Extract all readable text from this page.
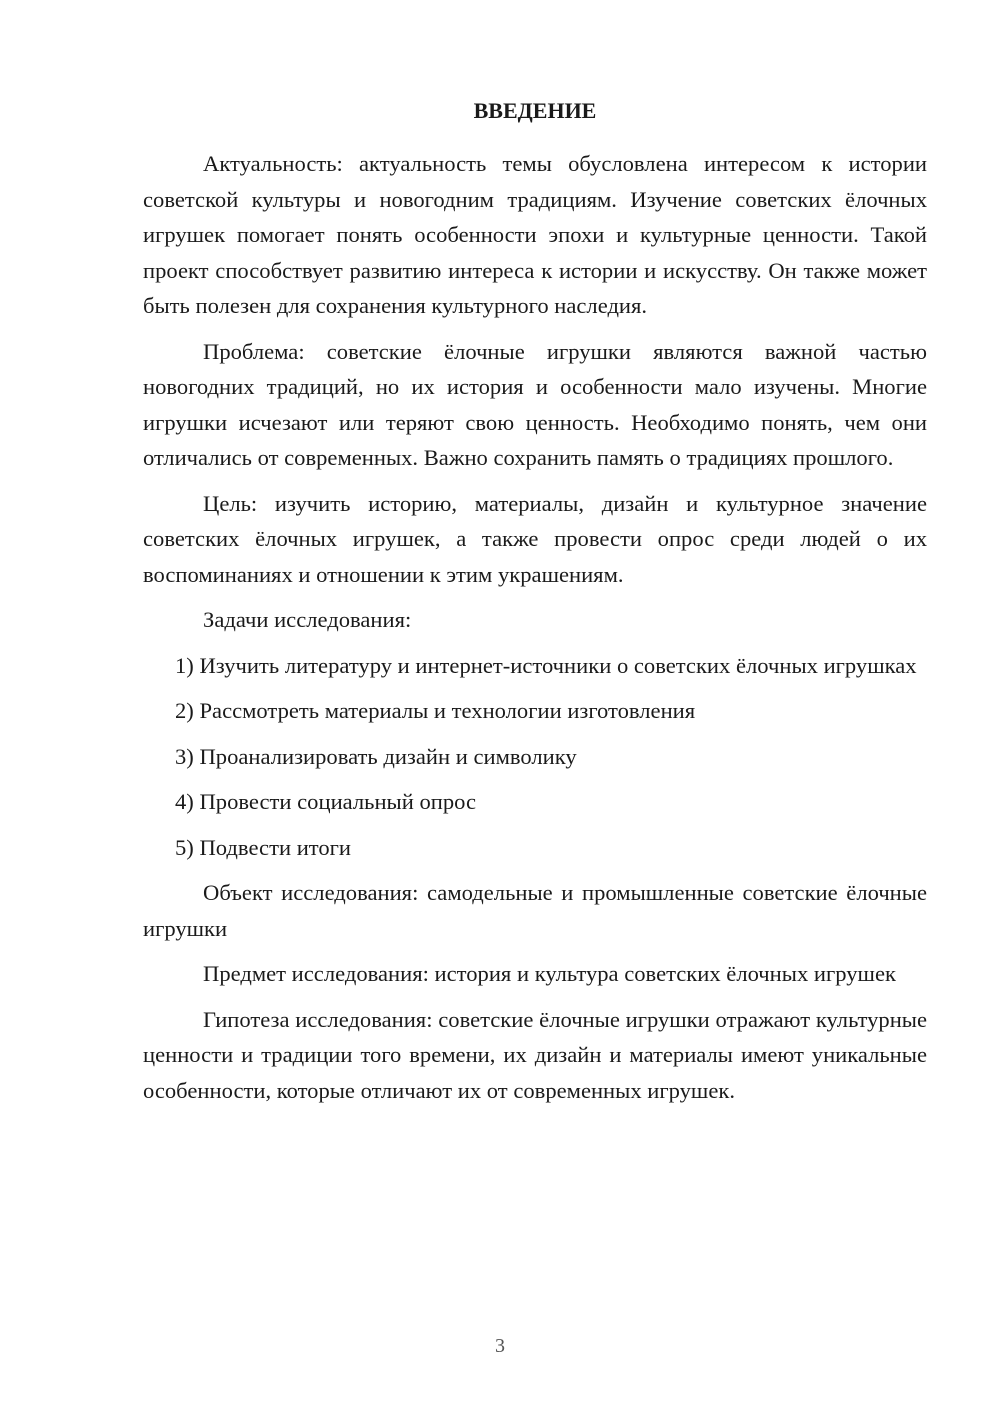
ВВЕДЕНИЕ

Актуальность: актуальность темы обусловлена интересом к истории советской культуры и новогодним традициям. Изучение советских ёлочных игрушек помогает понять особенности эпохи и культурные ценности. Такой проект способствует развитию интереса к истории и искусству. Он также может быть полезен для сохранения культурного наследия.

Проблема: советские ёлочные игрушки являются важной частью новогодних традиций, но их история и особенности мало изучены. Многие игрушки исчезают или теряют свою ценность. Необходимо понять, чем они отличались от современных. Важно сохранить память о традициях прошлого.

Цель: изучить историю, материалы, дизайн и культурное значение советских ёлочных игрушек, а также провести опрос среди людей о их воспоминаниях и отношении к этим украшениям.

Задачи исследования:

1) Изучить литературу и интернет-источники о советских ёлочных игрушках

2) Рассмотреть материалы и технологии изготовления

3) Проанализировать дизайн и символику

4) Провести социальный опрос

5) Подвести итоги

Объект исследования: самодельные и промышленные советские ёлочные игрушки

Предмет исследования: история и культура советских ёлочных игрушек

Гипотеза исследования: советские ёлочные игрушки отражают культурные ценности и традиции того времени, их дизайн и материалы имеют уникальные особенности, которые отличают их от современных игрушек.

3
